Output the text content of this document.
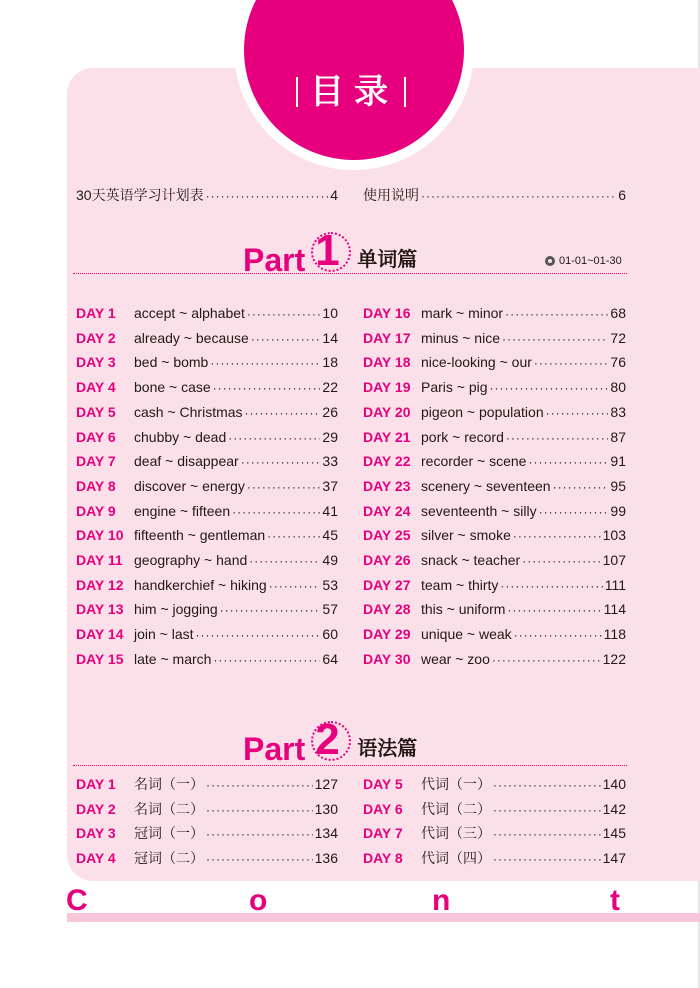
目录
30天英语学习计划表 ·····	4 使用说明 ·····	6
Part 1 单词篇	01-01~01-30
DAY 1	accept ~ alphabet ·····	10
DAY 2	already ~ because ·····	14
DAY 3	bed ~ bomb ·····	18
DAY 4	bone ~ case ·····	22
DAY 5	cash ~ Christmas ·····	26
DAY 6	chubby ~ dead ·····	29
DAY 7	deaf ~ disappear ·····	33
DAY 8	discover ~ energy ·····	37
DAY 9	engine ~ fifteen ·····	41
DAY 10 fifteenth ~ gentleman ·····	45
DAY 11 geography ~ hand ·····	49
DAY 12 handkerchief ~ hiking ·····	53
DAY 13 him ~ jogging ·····	57
DAY 14 join ~ last ·····	60
DAY 15 late ~ march ·····	64
DAY 16 mark ~ minor ·····	68
DAY 17 minus ~ nice ·····	72
DAY 18 nice-looking ~ our ·····	76
DAY 19 Paris ~ pig ·····	80
DAY 20 pigeon ~ population ·····	83
DAY 21 pork ~ record ·····	87
DAY 22 recorder ~ scene ·····	91
DAY 23 scenery ~ seventeen ·····	95
DAY 24 seventeenth ~ silly ·····	99
DAY 25 silver ~ smoke ·····	103
DAY 26 snack ~ teacher ·····	107
DAY 27 team ~ thirty ·····	111
DAY 28 this ~ uniform ·····	114
DAY 29 unique ~ weak ·····	118
DAY 30 wear ~ zoo ·····	122
Part 2 语法篇
DAY 1	名词（一） ·····	127
DAY 2	名词（二） ·····	130
DAY 3	冠词（一） ·····	134
DAY 4	冠词（二） ·····	136
DAY 5	代词（一） ·····	140
DAY 6	代词（二） ·····	142
DAY 7	代词（三） ·····	145
DAY 8	代词（四） ·····	147
C	o	n	t
